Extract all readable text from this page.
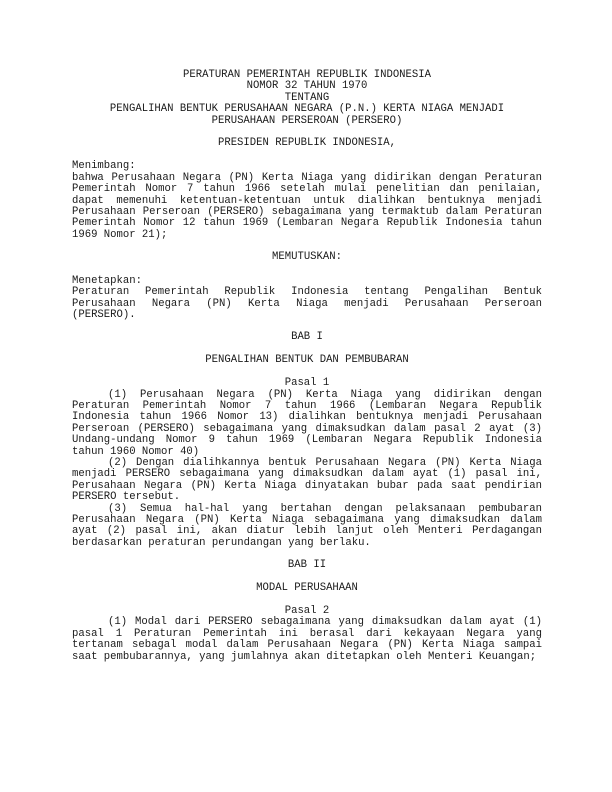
PERATURAN PEMERINTAH REPUBLIK INDONESIA

NOMOR 32 TAHUN 1970

TENTANG

PENGALIHAN BENTUK PERUSAHAAN NEGARA (P.N.) KERTA NIAGA MENJADI

PERUSAHAAN PERSEROAN (PERSERO)

PRESIDEN REPUBLIK INDONESIA,

Menimbang:

bahwa Perusahaan Negara (PN) Kerta Niaga yang didirikan dengan Peraturan Pemerintah Nomor 7 tahun 1966 setelah mulai penelitian dan penilaian, dapat memenuhi ketentuan-ketentuan untuk dialihkan bentuknya menjadi Perusahaan Perseroan (PERSERO) sebagaimana yang termaktub dalam Peraturan Pemerintah Nomor 12 tahun 1969 (Lembaran Negara Republik Indonesia tahun 1969 Nomor 21);

MEMUTUSKAN:

Menetapkan:

Peraturan Pemerintah Republik Indonesia tentang Pengalihan Bentuk Perusahaan Negara (PN) Kerta Niaga menjadi Perusahaan Perseroan (PERSERO).

BAB I

PENGALIHAN BENTUK DAN PEMBUBARAN

Pasal 1

(1) Perusahaan Negara (PN) Kerta Niaga yang didirikan dengan Peraturan Pemerintah Nomor 7 tahun 1966 (Lembaran Negara Republik Indonesia tahun 1966 Nomor 13) dialihkan bentuknya menjadi Perusahaan Perseroan (PERSERO) sebagaimana yang dimaksudkan dalam pasal 2 ayat (3) Undang-undang Nomor 9 tahun 1969 (Lembaran Negara Republik Indonesia tahun 1960 Nomor 40)

(2) Dengan dialihkannya bentuk Perusahaan Negara (PN) Kerta Niaga menjadi PERSERO sebagaimana yang dimaksudkan dalam ayat (1) pasal ini, Perusahaan Negara (PN) Kerta Niaga dinyatakan bubar pada saat pendirian PERSERO tersebut.

(3) Semua hal-hal yang bertahan dengan pelaksanaan pembubaran Perusahaan Negara (PN) Kerta Niaga sebagaimana yang dimaksudkan dalam ayat (2) pasal ini, akan diatur lebih lanjut oleh Menteri Perdagangan berdasarkan peraturan perundangan yang berlaku.

BAB II

MODAL PERUSAHAAN

Pasal 2

(1) Modal dari PERSERO sebagaimana yang dimaksudkan dalam ayat (1) pasal 1 Peraturan Pemerintah ini berasal dari kekayaan Negara yang tertanam sebagal modal dalam Perusahaan Negara (PN) Kerta Niaga sampai saat pembubarannya, yang jumlahnya akan ditetapkan oleh Menteri Keuangan;
